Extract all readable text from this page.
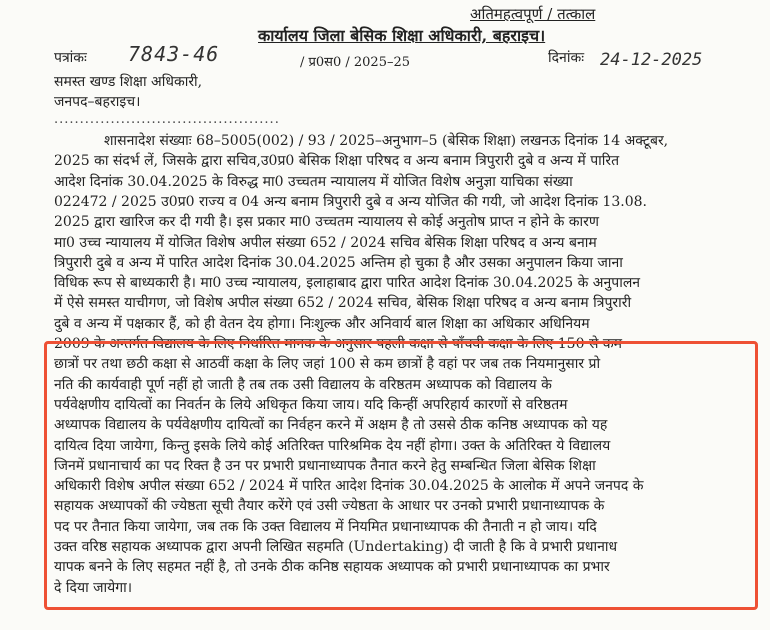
अतिमहत्वपूर्ण / तत्काल
कार्यालय जिला बेसिक शिक्षा अधिकारी, बहराइच।
पत्रांकः 7843-46	/ प्र0स0 / 2025–25	दिनांकः 24-12-2025
समस्त खण्ड शिक्षा अधिकारी,
जनपद–बहराइच।
............................................
शासनादेश संख्याः 68–5005(002) / 93 / 2025–अनुभाग–5 (बेसिक शिक्षा) लखनऊ दिनांक 14 अक्टूबर,
2025 का संदर्भ लें, जिसके द्वारा सचिव,उ0प्र0 बेसिक शिक्षा परिषद व अन्य बनाम त्रिपुरारी दुबे व अन्य में पारित
आदेश दिनांक 30.04.2025 के विरुद्ध मा0 उच्चतम न्यायालय में योजित विशेष अनुज्ञा याचिका संख्या
022472 / 2025 उ0प्र0 राज्य व 04 अन्य बनाम त्रिपुरारी दुबे व अन्य योजित की गयी, जो आदेश दिनांक 13.08.
2025 द्वारा खारिज कर दी गयी है। इस प्रकार मा0 उच्चतम न्यायालय से कोई अनुतोष प्राप्त न होने के कारण
मा0 उच्च न्यायालय में योजित विशेष अपील संख्या 652 / 2024 सचिव बेसिक शिक्षा परिषद व अन्य बनाम
त्रिपुरारी दुबे व अन्य में पारित आदेश दिनांक 30.04.2025 अन्तिम हो चुका है और उसका अनुपालन किया जाना
विधिक रूप से बाध्यकारी है। मा0 उच्च न्यायालय, इलाहाबाद द्वारा पारित आदेश दिनांक 30.04.2025 के अनुपालन
में ऐसे समस्त याचीगण, जो विशेष अपील संख्या 652 / 2024 सचिव, बेसिक शिक्षा परिषद व अन्य बनाम त्रिपुरारी
दुबे व अन्य में पक्षकार हैं, को ही वेतन देय होगा। निःशुल्क और अनिवार्य बाल शिक्षा का अधिकार अधिनियम
2009 के अन्तर्गत विद्यालय के लिए निर्धारित मानक के अनुसार पहली कक्षा से पाँचवी कक्षा के लिए 150 से कम
छात्रों पर तथा छठी कक्षा से आठवीं कक्षा के लिए जहां 100 से कम छात्रों है वहां पर जब तक नियमानुसार प्रो
नति की कार्यवाही पूर्ण नहीं हो जाती है तब तक उसी विद्यालय के वरिष्ठतम अध्यापक को विद्यालय के
पर्यवेक्षणीय दायित्वों का निवर्तन के लिये अधिकृत किया जाय। यदि किन्हीं अपरिहार्य कारणों से वरिष्ठतम
अध्यापक विद्यालय के पर्यवेक्षणीय दायित्वों का निर्वहन करने में अक्षम है तो उससे ठीक कनिष्ठ अध्यापक को यह
दायित्व दिया जायेगा, किन्तु इसके लिये कोई अतिरिक्त पारिश्रमिक देय नहीं होगा। उक्त के अतिरिक्त ये विद्यालय
जिनमें प्रधानाचार्य का पद रिक्त है उन पर प्रभारी प्रधानाध्यापक तैनात करने हेतु सम्बन्धित जिला बेसिक शिक्षा
अधिकारी विशेष अपील संख्या 652 / 2024 में पारित आदेश दिनांक 30.04.2025 के आलोक में अपने जनपद के
सहायक अध्यापकों की ज्येष्ठता सूची तैयार करेंगे एवं उसी ज्येष्ठता के आधार पर उनको प्रभारी प्रधानाध्यापक के
पद पर तैनात किया जायेगा, जब तक कि उक्त विद्यालय में नियमित प्रधानाध्यापक की तैनाती न हो जाय। यदि
उक्त वरिष्ठ सहायक अध्यापक द्वारा अपनी लिखित सहमति (Undertaking) दी जाती है कि वे प्रभारी प्रधानाध
यापक बनने के लिए सहमत नहीं है, तो उनके ठीक कनिष्ठ सहायक अध्यापक को प्रभारी प्रधानाध्यापक का प्रभार
दे दिया जायेगा।
